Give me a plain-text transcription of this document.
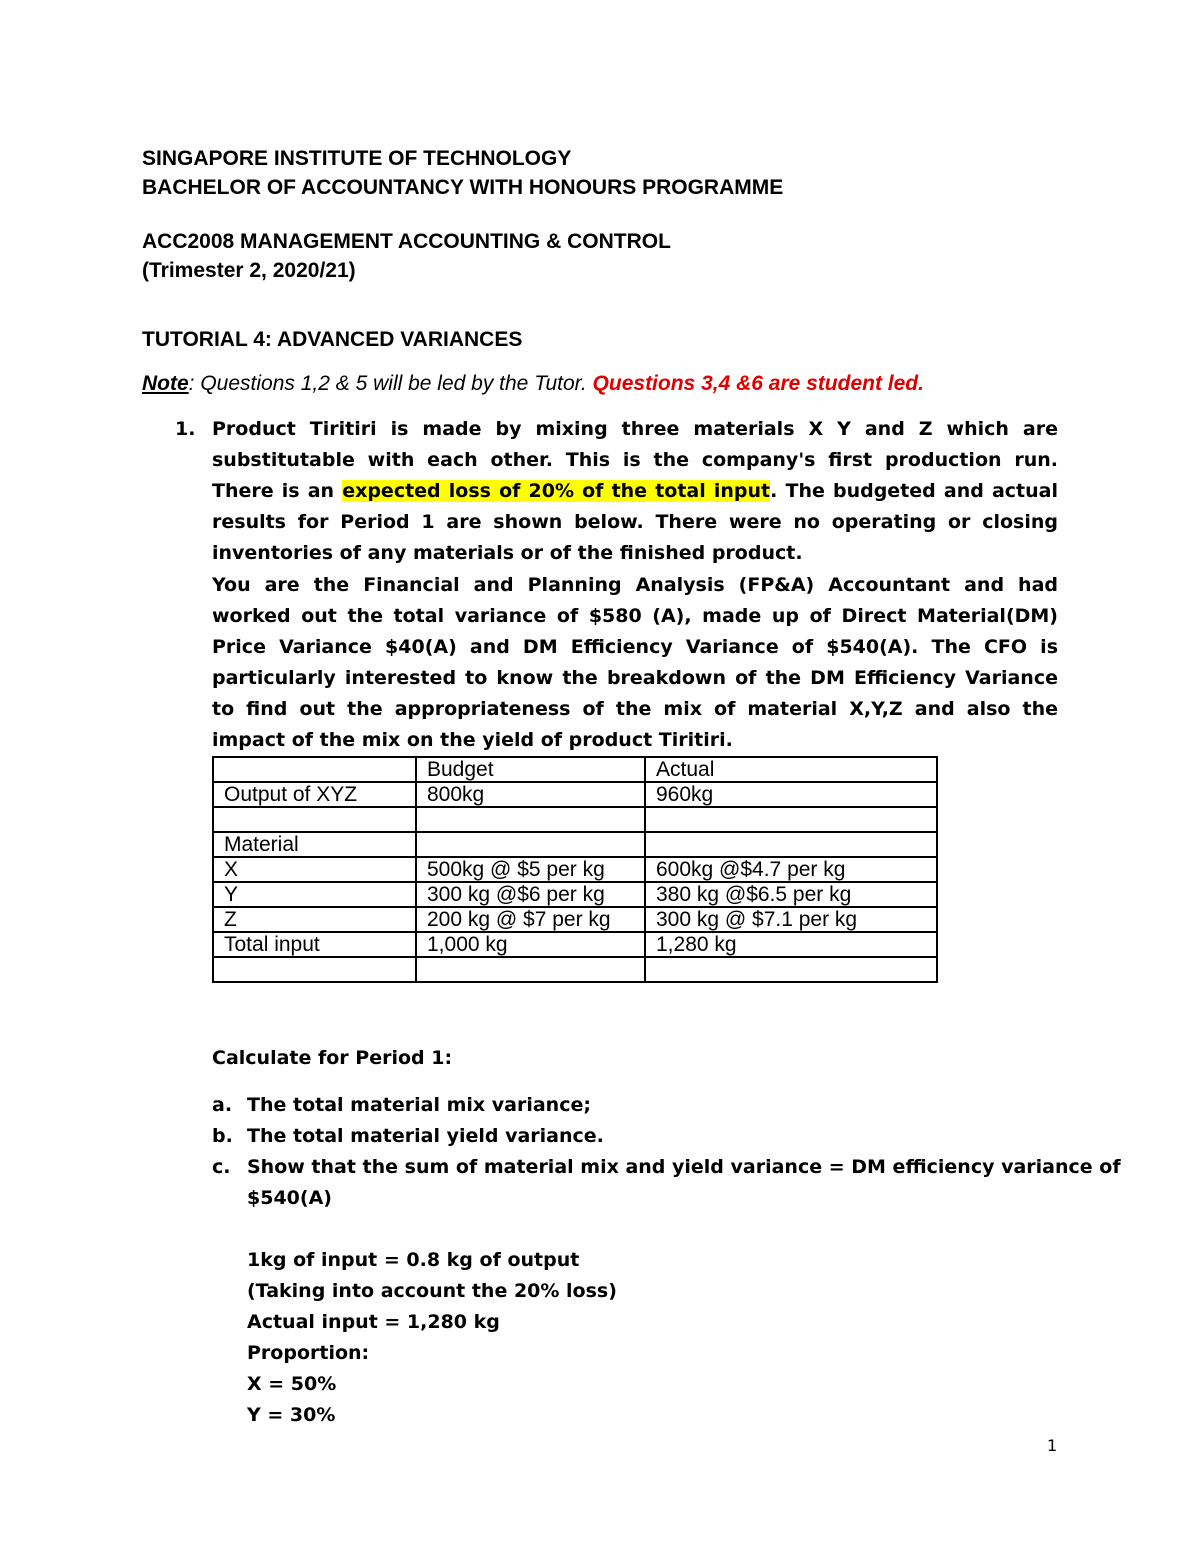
SINGAPORE INSTITUTE OF TECHNOLOGY
BACHELOR OF ACCOUNTANCY WITH HONOURS PROGRAMME
ACC2008 MANAGEMENT ACCOUNTING & CONTROL
(Trimester 2, 2020/21)
TUTORIAL 4: ADVANCED VARIANCES
Note: Questions 1,2 & 5 will be led by the Tutor. Questions 3,4 &6 are student led.
1. Product Tiritiri is made by mixing three materials X Y and Z which are substitutable with each other. This is the company's first production run. There is an expected loss of 20% of the total input. The budgeted and actual results for Period 1 are shown below. There were no operating or closing inventories of any materials or of the finished product.
You are the Financial and Planning Analysis (FP&A) Accountant and had worked out the total variance of $580 (A), made up of Direct Material(DM) Price Variance $40(A) and DM Efficiency Variance of $540(A). The CFO is particularly interested to know the breakdown of the DM Efficiency Variance to find out the appropriateness of the mix of material X,Y,Z and also the impact of the mix on the yield of product Tiritiri.
	Budget	Actual
Output of XYZ	800kg	960kg

Material		
X	500kg @ $5 per kg	600kg @$4.7 per kg
Y	300 kg @$6 per kg	380 kg @$6.5 per kg
Z	200 kg @ $7 per kg	300 kg @ $7.1 per kg
Total input	1,000 kg	1,280 kg

Calculate for Period 1:
a. The total material mix variance;
b. The total material yield variance.
c. Show that the sum of material mix and yield variance = DM efficiency variance of
$540(A)
1kg of input = 0.8 kg of output
(Taking into account the 20% loss)
Actual input = 1,280 kg
Proportion:
X = 50%
Y = 30%
1
